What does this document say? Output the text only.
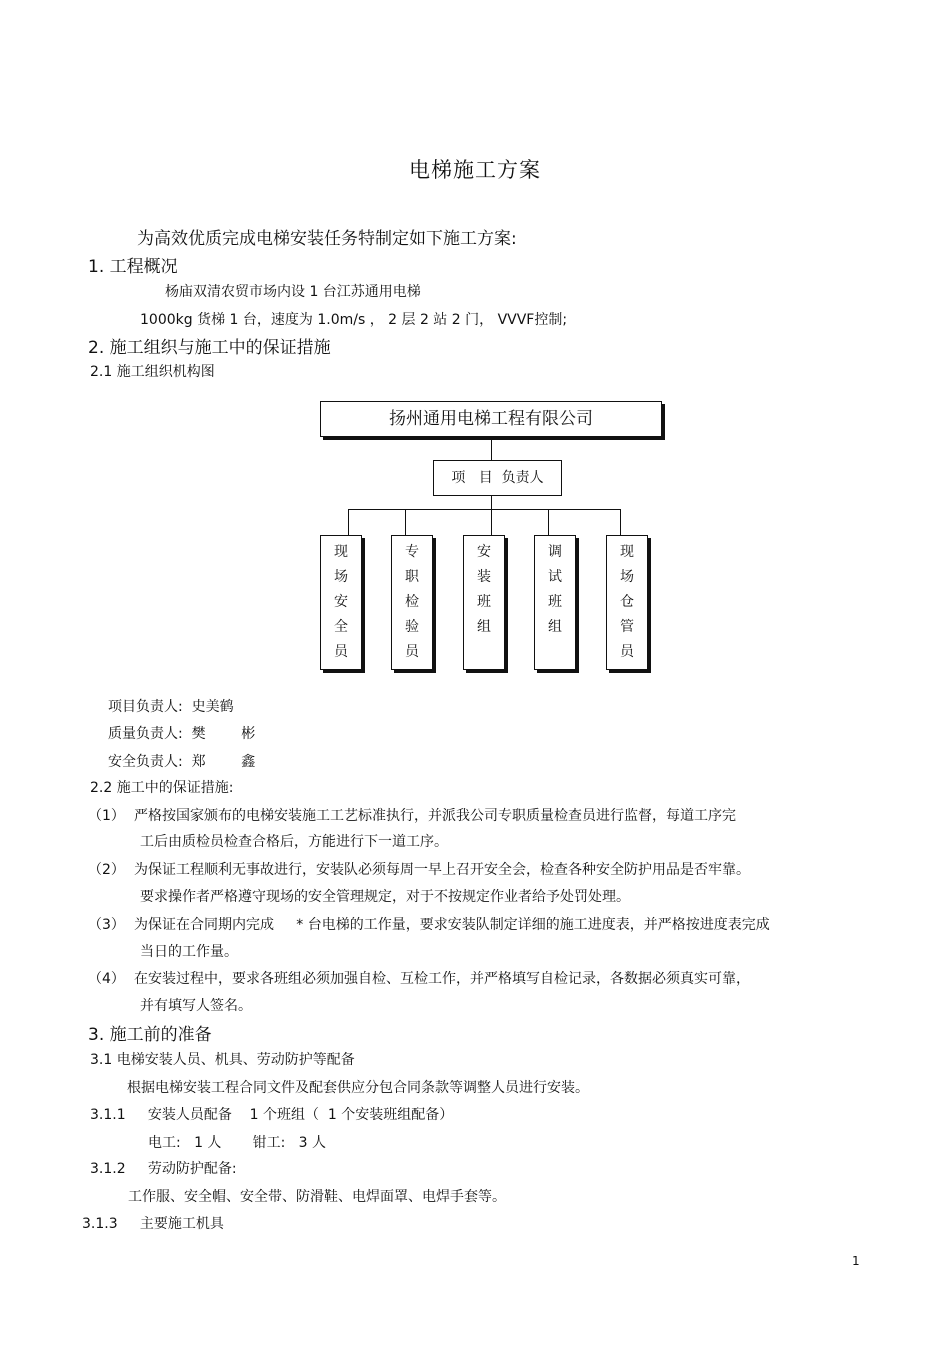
电梯施工方案
为高效优质完成电梯安装任务特制定如下施工方案:
1. 工程概况
杨庙双清农贸市场内设 1 台江苏通用电梯
1000kg 货梯 1 台，速度为 1.0m/s ， 2 层 2 站 2 门， VVVF控制;
2. 施工组织与施工中的保证措施
2.1 施工组织机构图
扬州通用电梯工程有限公司
项   目  负责人
现
场
安
全
员
专
职
检
验
员
安
装
班
组
调
试
班
组
现
场
仓
管
员
项目负责人:  史美鹤
质量负责人:  樊        彬
安全负责人:  郑        鑫
2.2 施工中的保证措施:
（1） 严格按国家颁布的电梯安装施工工艺标准执行，并派我公司专职质量检查员进行监督，每道工序完
工后由质检员检查合格后，方能进行下一道工序。
（2） 为保证工程顺利无事故进行，安装队必须每周一早上召开安全会，检查各种安全防护用品是否牢靠。
要求操作者严格遵守现场的安全管理规定，对于不按规定作业者给予处罚处理。
（3） 为保证在合同期内完成     * 台电梯的工作量，要求安装队制定详细的施工进度表，并严格按进度表完成
当日的工作量。
（4） 在安装过程中，要求各班组必须加强自检、互检工作，并严格填写自检记录，各数据必须真实可靠，
并有填写人签名。
3. 施工前的准备
3.1 电梯安装人员、机具、劳动防护等配备
根据电梯安装工程合同文件及配套供应分包合同条款等调整人员进行安装。
3.1.1     安装人员配备    1 个班组（  1 个安装班组配备）
电工:   1 人       钳工:   3 人
3.1.2     劳动防护配备:
工作服、安全帽、安全带、防滑鞋、电焊面罩、电焊手套等。
3.1.3     主要施工机具
1
